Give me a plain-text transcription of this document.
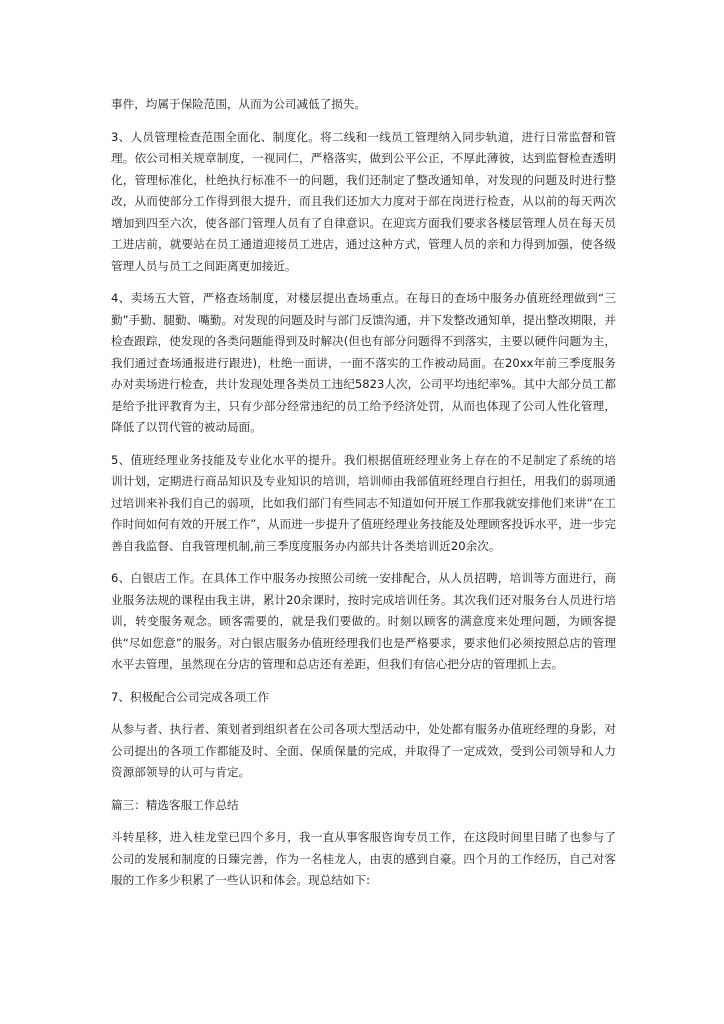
事件，均属于保险范围，从而为公司减低了损失。

3、人员管理检查范围全面化、制度化。将二线和一线员工管理纳入同步轨道，进行日常监督和管理。依公司相关规章制度，一视同仁，严格落实，做到公平公正，不厚此薄彼，达到监督检查透明化，管理标准化，杜绝执行标准不一的问题，我们还制定了整改通知单，对发现的问题及时进行整改，从而使部分工作得到很大提升，而且我们还加大力度对于部在岗进行检查，从以前的每天两次增加到四至六次，使各部门管理人员有了自律意识。在迎宾方面我们要求各楼层管理人员在每天员工进店前，就要站在员工通道迎接员工进店，通过这种方式，管理人员的亲和力得到加强，使各级管理人员与员工之间距离更加接近。

4、卖场五大管，严格查场制度，对楼层提出查场重点。在每日的查场中服务办值班经理做到“三勤”手勤、腿勤、嘴勤。对发现的问题及时与部门反馈沟通，并下发整改通知单，提出整改期限，并检查跟踪，使发现的各类问题能得到及时解决(但也有部分问题得不到落实，主要以硬件问题为主，我们通过查场通报进行跟进)，杜绝一面讲，一面不落实的工作被动局面。在20xx年前三季度服务办对卖场进行检查，共计发现处理各类员工违纪5823人次，公司平均违纪率%。其中大部分员工都是给予批评教育为主，只有少部分经常违纪的员工给予经济处罚，从而也体现了公司人性化管理，降低了以罚代管的被动局面。

5、值班经理业务技能及专业化水平的提升。我们根据值班经理业务上存在的不足制定了系统的培训计划，定期进行商品知识及专业知识的培训，培训师由我部值班经理自行担任，用我们的弱项通过培训来补我们自己的弱项，比如我们部门有些同志不知道如何开展工作那我就安排他们来讲“在工作时间如何有效的开展工作”，从而进一步提升了值班经理业务技能及处理顾客投诉水平，进一步完善自我监督、自我管理机制,前三季度度服务办内部共计各类培训近20余次。

6、白银店工作。在具体工作中服务办按照公司统一安排配合，从人员招聘，培训等方面进行，商业服务法规的课程由我主讲，累计20余课时，按时完成培训任务。其次我们还对服务台人员进行培训，转变服务观念。顾客需要的，就是我们要做的。时刻以顾客的满意度来处理问题，为顾客提供“尽如您意”的服务。对白银店服务办值班经理我们也是严格要求，要求他们必须按照总店的管理水平去管理，虽然现在分店的管理和总店还有差距，但我们有信心把分店的管理抓上去。

7、积极配合公司完成各项工作

从参与者、执行者、策划者到组织者在公司各项大型活动中，处处都有服务办值班经理的身影，对公司提出的各项工作都能及时、全面、保质保量的完成，并取得了一定成效，受到公司领导和人力资源部领导的认可与肯定。

篇三：精选客服工作总结

斗转星移，进入桂龙堂已四个多月，我一直从事客服咨询专员工作，在这段时间里目睹了也参与了公司的发展和制度的日臻完善，作为一名桂龙人，由衷的感到自豪。四个月的工作经历，自己对客服的工作多少积累了一些认识和体会。现总结如下:
